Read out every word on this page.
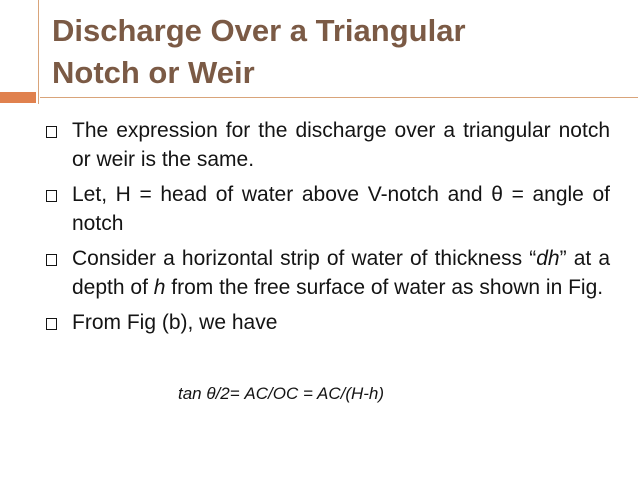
Discharge Over a Triangular
Notch or Weir
The expression for the discharge over a triangular notch or weir is the same.
Let, H = head of water above V-notch and θ = angle of notch
Consider a horizontal strip of water of thickness “dh” at a depth of h from the free surface of water as shown in Fig.
From Fig (b), we have
tan θ/2= AC/OC = AC/(H-h)
